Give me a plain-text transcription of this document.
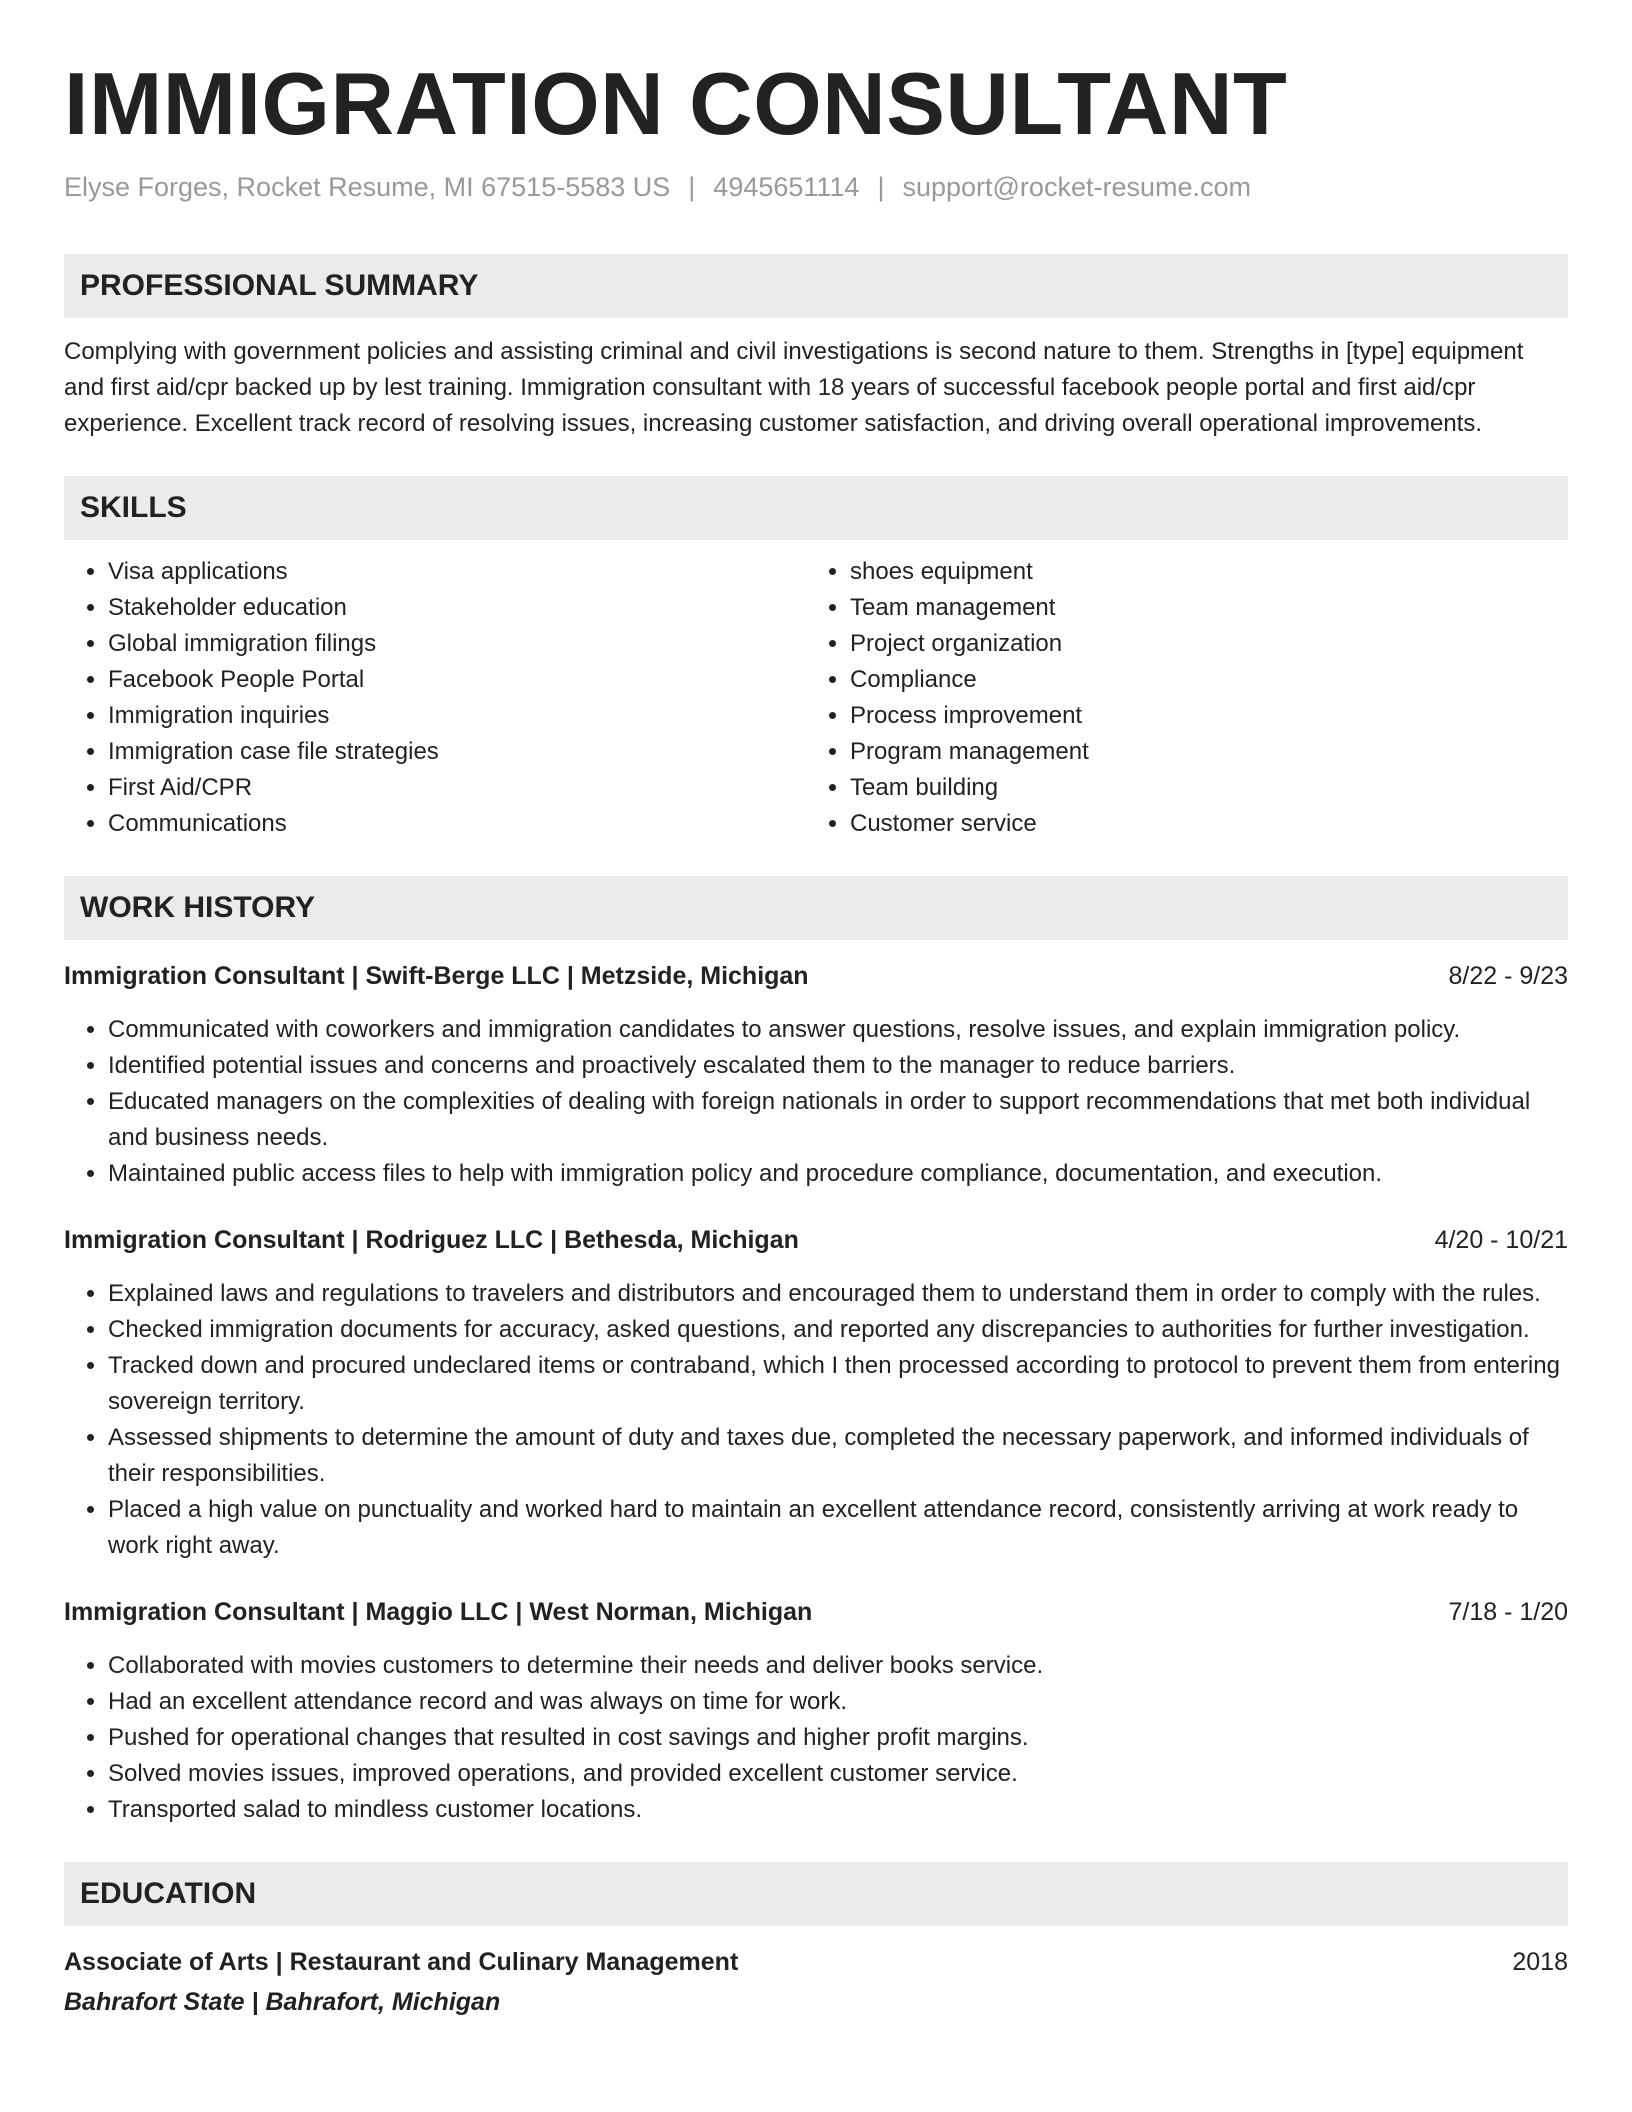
IMMIGRATION CONSULTANT
Elyse Forges, Rocket Resume, MI 67515-5583 US | 4945651114 | support@rocket-resume.com
PROFESSIONAL SUMMARY
Complying with government policies and assisting criminal and civil investigations is second nature to them. Strengths in [type] equipment and first aid/cpr backed up by lest training. Immigration consultant with 18 years of successful facebook people portal and first aid/cpr experience. Excellent track record of resolving issues, increasing customer satisfaction, and driving overall operational improvements.
SKILLS
• Visa applications
• Stakeholder education
• Global immigration filings
• Facebook People Portal
• Immigration inquiries
• Immigration case file strategies
• First Aid/CPR
• Communications
• shoes equipment
• Team management
• Project organization
• Compliance
• Process improvement
• Program management
• Team building
• Customer service
WORK HISTORY
Immigration Consultant | Swift-Berge LLC | Metzside, Michigan	8/22 - 9/23
• Communicated with coworkers and immigration candidates to answer questions, resolve issues, and explain immigration policy.
• Identified potential issues and concerns and proactively escalated them to the manager to reduce barriers.
• Educated managers on the complexities of dealing with foreign nationals in order to support recommendations that met both individual and business needs.
• Maintained public access files to help with immigration policy and procedure compliance, documentation, and execution.
Immigration Consultant | Rodriguez LLC | Bethesda, Michigan	4/20 - 10/21
• Explained laws and regulations to travelers and distributors and encouraged them to understand them in order to comply with the rules.
• Checked immigration documents for accuracy, asked questions, and reported any discrepancies to authorities for further investigation.
• Tracked down and procured undeclared items or contraband, which I then processed according to protocol to prevent them from entering sovereign territory.
• Assessed shipments to determine the amount of duty and taxes due, completed the necessary paperwork, and informed individuals of their responsibilities.
• Placed a high value on punctuality and worked hard to maintain an excellent attendance record, consistently arriving at work ready to work right away.
Immigration Consultant | Maggio LLC | West Norman, Michigan	7/18 - 1/20
• Collaborated with movies customers to determine their needs and deliver books service.
• Had an excellent attendance record and was always on time for work.
• Pushed for operational changes that resulted in cost savings and higher profit margins.
• Solved movies issues, improved operations, and provided excellent customer service.
• Transported salad to mindless customer locations.
EDUCATION
Associate of Arts | Restaurant and Culinary Management	2018
Bahrafort State | Bahrafort, Michigan
